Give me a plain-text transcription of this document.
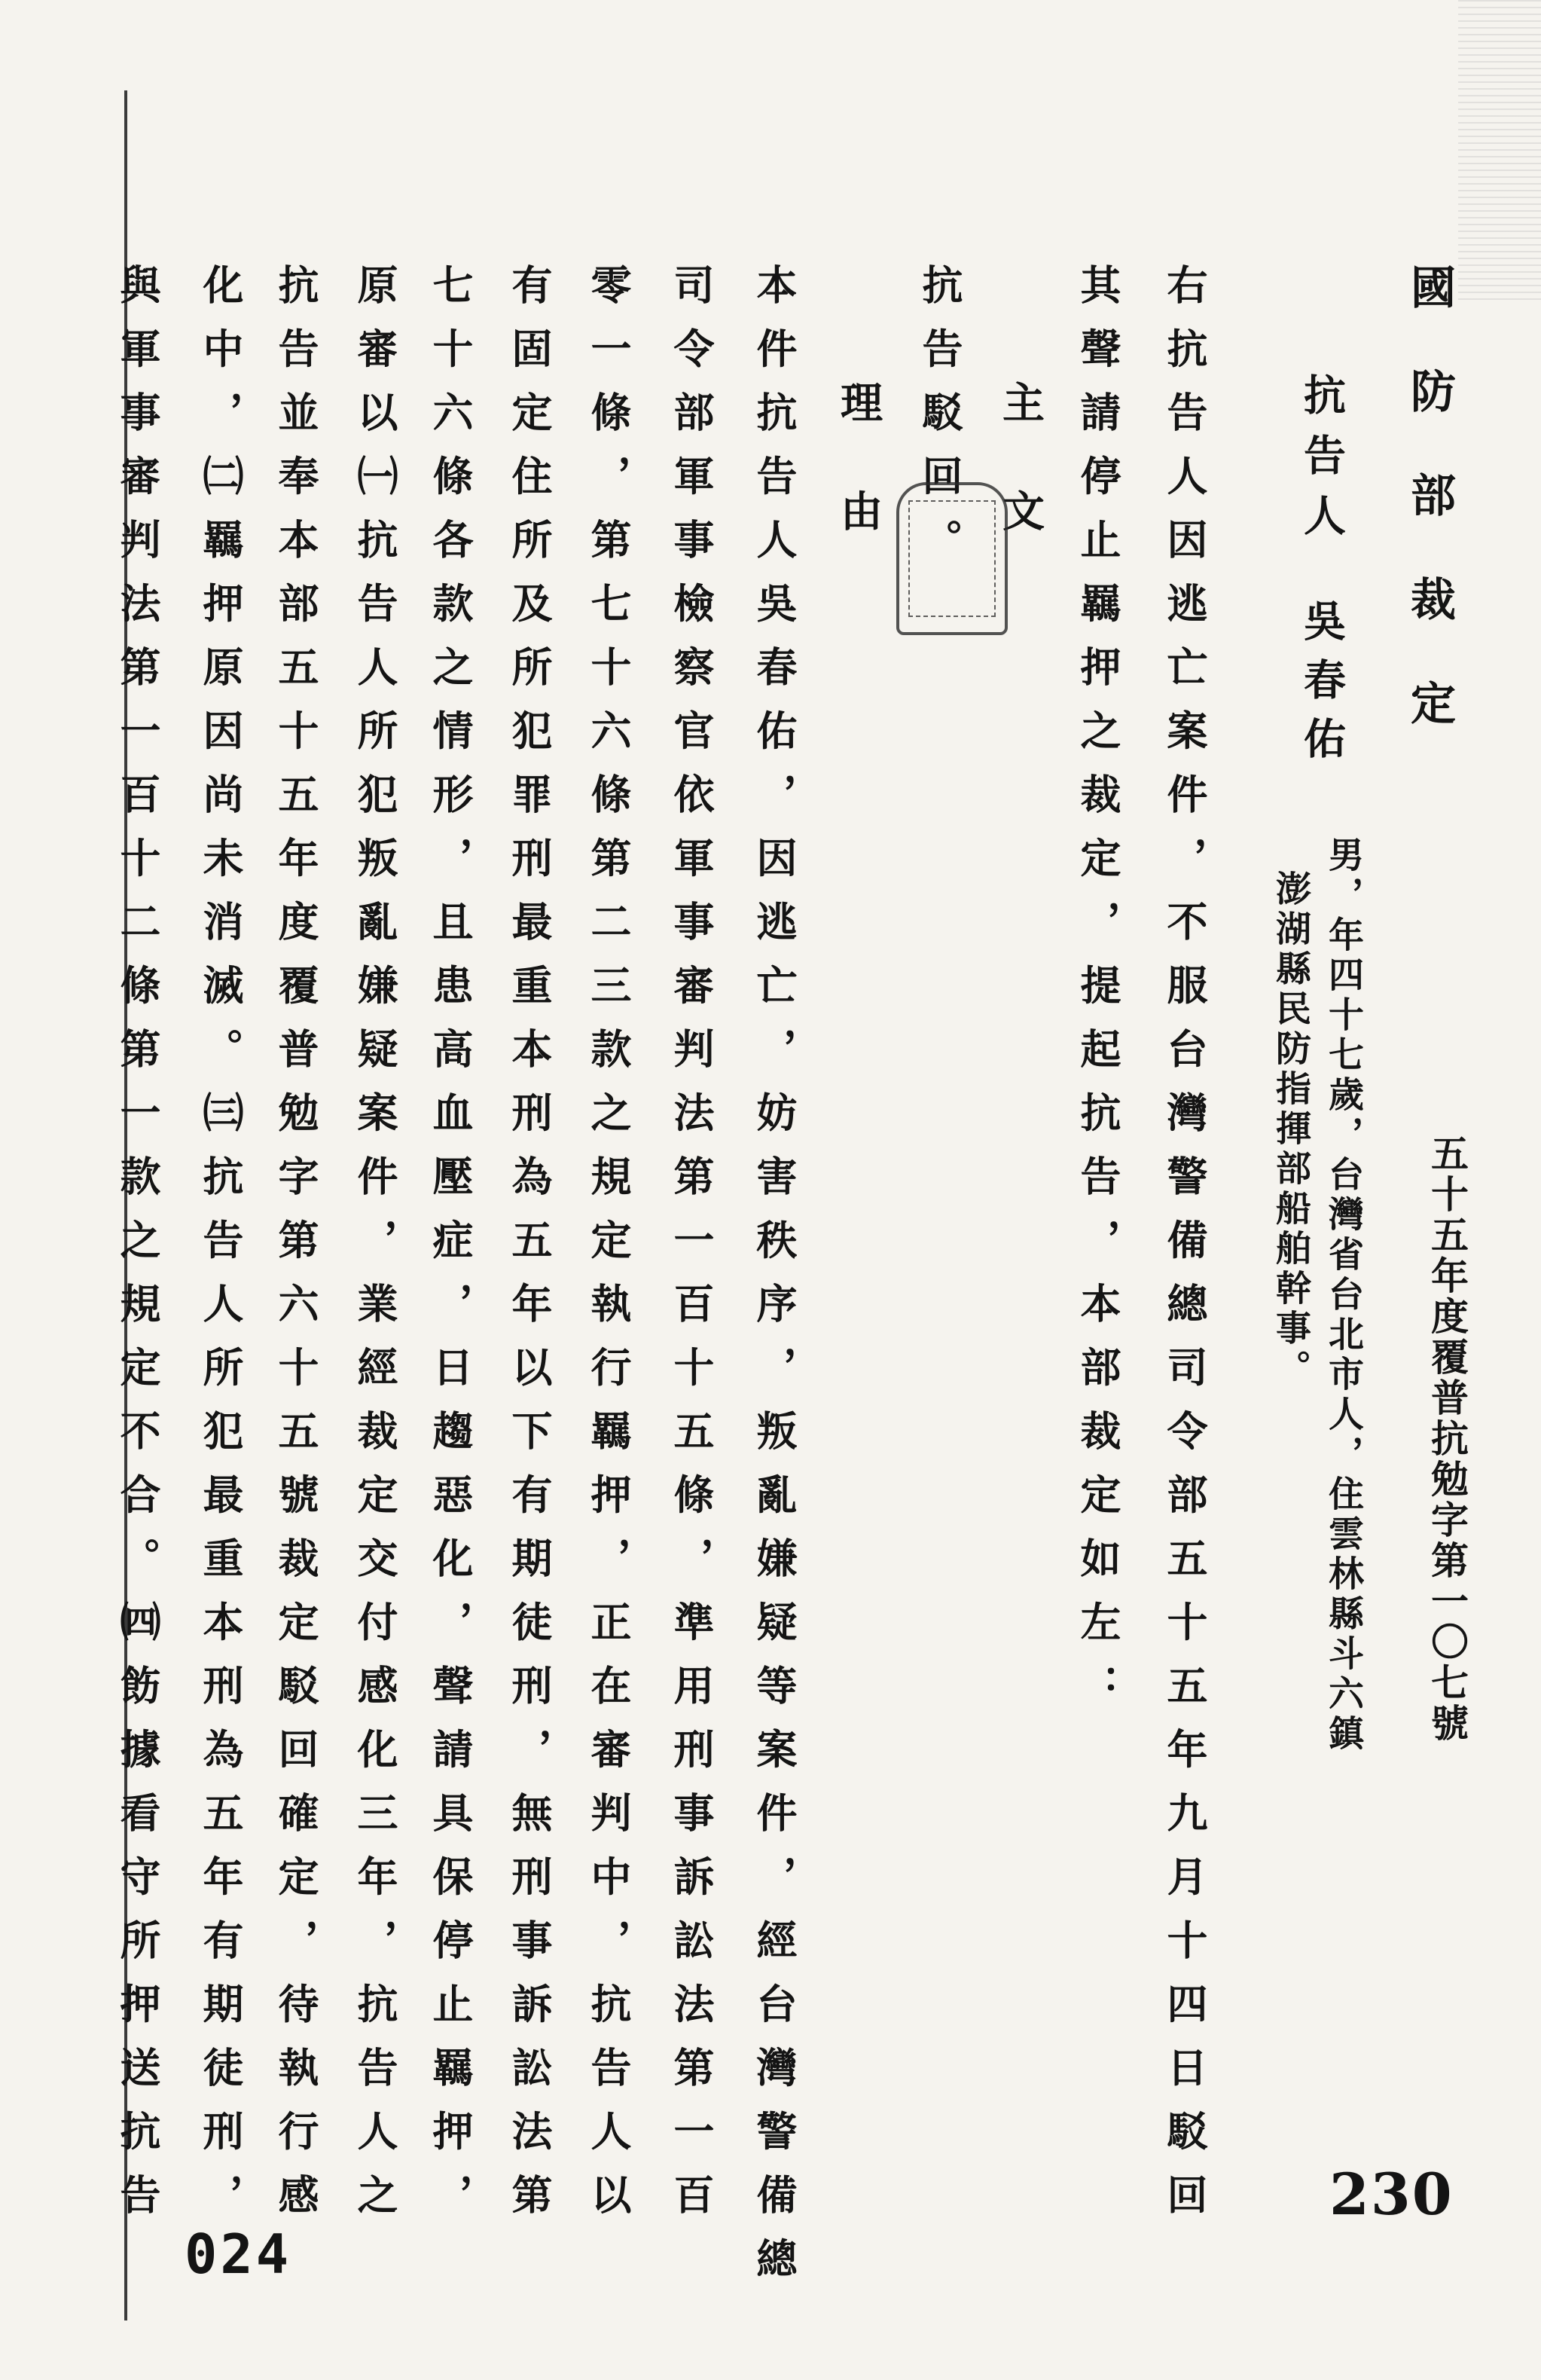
國防部裁定
五十五年度覆普抗勉字第一〇七號
抗告人
吳春佑
男，年四十七歲，台灣省台北市人，住雲林縣斗六鎮
澎湖縣民防指揮部船舶幹事。
右抗告人因逃亡案件，不服台灣警備總司令部五十五年九月十四日駁回
其聲請停止羈押之裁定，提起抗告，本部裁定如左：
主文
抗告駁回。
理由
本件抗告人吳春佑，因逃亡，妨害秩序，叛亂嫌疑等案件，經台灣警備總
司令部軍事檢察官依軍事審判法第一百十五條，準用刑事訴訟法第一百
零一條，第七十六條第二三款之規定執行羈押，正在審判中，抗告人以
有固定住所及所犯罪刑最重本刑為五年以下有期徒刑，無刑事訴訟法第
七十六條各款之情形，且患高血壓症，日趨惡化，聲請具保停止羈押，
原審以㈠抗告人所犯叛亂嫌疑案件，業經裁定交付感化三年，抗告人之
抗告並奉本部五十五年度覆普勉字第六十五號裁定駁回確定，待執行感
化中，㈡羈押原因尚未消滅。㈢抗告人所犯最重本刑為五年有期徒刑，
與軍事審判法第一百十二條第一款之規定不合。㈣飭據看守所押送抗告	230
024
